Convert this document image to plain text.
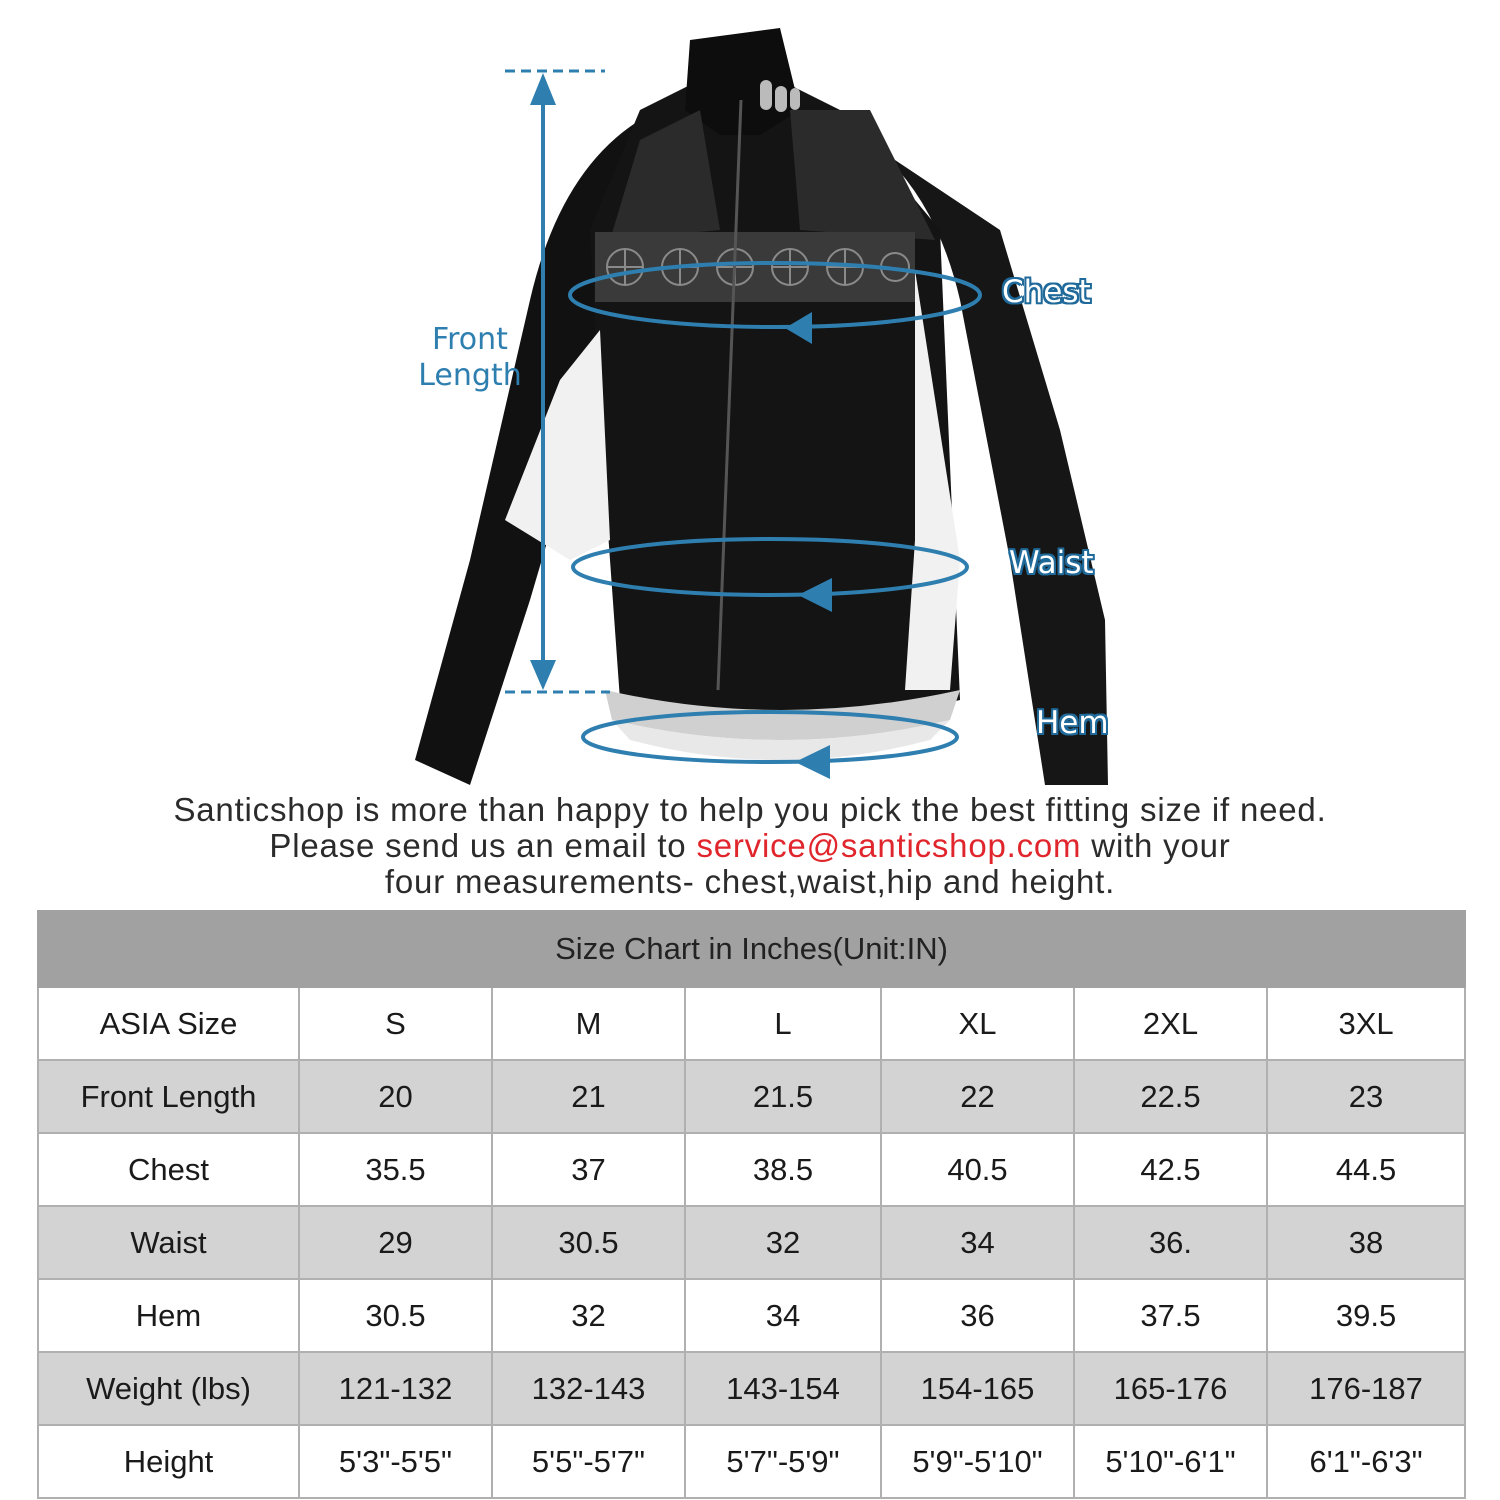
Front
Length
Chest
Waist
Hem
Santicshop is more than happy to help you pick the best fitting size if need.
Please send us an email to service@santicshop.com with your
four measurements- chest,waist,hip and height.
Size Chart in Inches(Unit:IN)						
ASIA Size	S	M	L	XL	2XL	3XL
Front Length	20	21	21.5	22	22.5	23
Chest	35.5	37	38.5	40.5	42.5	44.5
Waist	29	30.5	32	34	36.	38
Hem	30.5	32	34	36	37.5	39.5
Weight (lbs)	121-132	132-143	143-154	154-165	165-176	176-187
Height	5'3"-5'5"	5'5"-5'7"	5'7"-5'9"	5'9"-5'10"	5'10"-6'1"	6'1"-6'3"
